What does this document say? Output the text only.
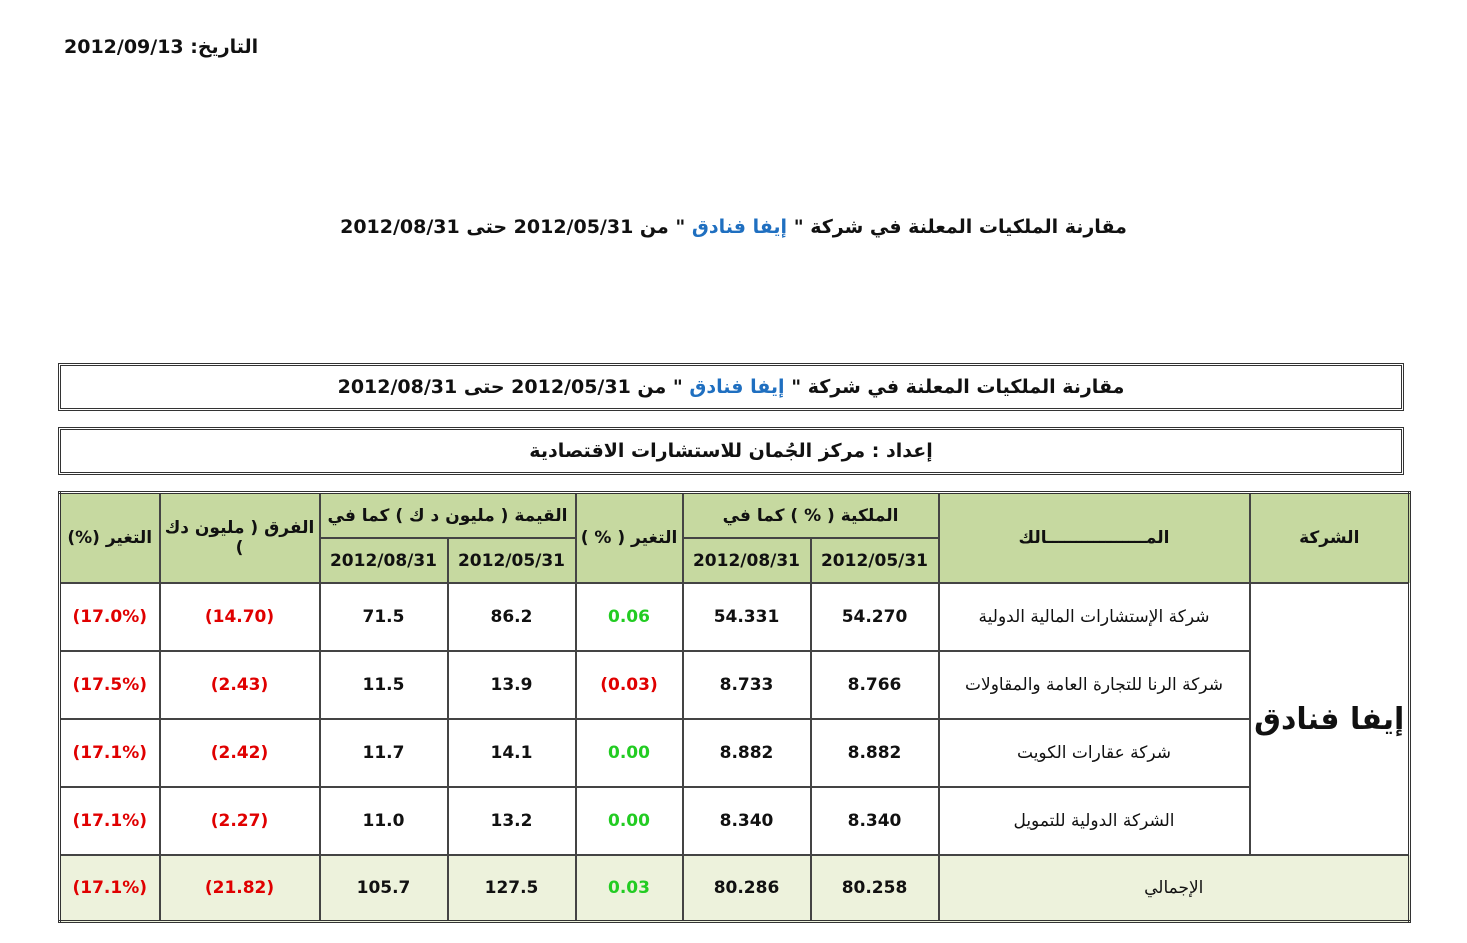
التاريخ: 2012/09/13
مقارنة الملكيات المعلنة في شركة " إيفا فنادق " من 2012/05/31 حتى 2012/08/31
مقارنة الملكيات المعلنة في شركة " إيفا فنادق " من 2012/05/31 حتى 2012/08/31
إعداد : مركز الجُمان للاستشارات الاقتصادية
الشركة	المـــــــــــــــــالك	الملكية ( % ) كما في		التغير ( % )	القيمة ( مليون د ك ) كما في		الفرق ( مليون دك )	التغير (%)
		2012/05/31	2012/08/31		2012/05/31	2012/08/31		
إيفا فنادق	شركة الإستشارات المالية الدولية	54.270	54.331	0.06	86.2	71.5	(14.70)	(17.0%)
	شركة الرنا للتجارة العامة والمقاولات	8.766	8.733	(0.03)	13.9	11.5	(2.43)	(17.5%)
	شركة عقارات الكويت	8.882	8.882	0.00	14.1	11.7	(2.42)	(17.1%)
	الشركة الدولية للتمويل	8.340	8.340	0.00	13.2	11.0	(2.27)	(17.1%)
الإجمالي		80.258	80.286	0.03	127.5	105.7	(21.82)	(17.1%)
